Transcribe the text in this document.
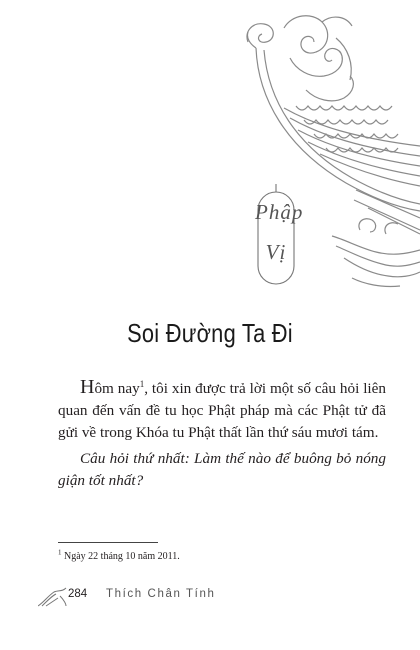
Phập
Vị
Soi Đường Ta Đi

Hôm nay$^1$, tôi xin được trả lời một số câu hỏi liên quan đến vấn đề tu học Phật pháp mà các Phật tử đã gửi về trong Khóa tu Phật thất lần thứ sáu mươi tám.

Câu hỏi thứ nhất: Làm thế nào để buông bỏ nóng giận tốt nhất?

$^1$ Ngày 22 tháng 10 năm 2011.
284 Thích Chân Tính
